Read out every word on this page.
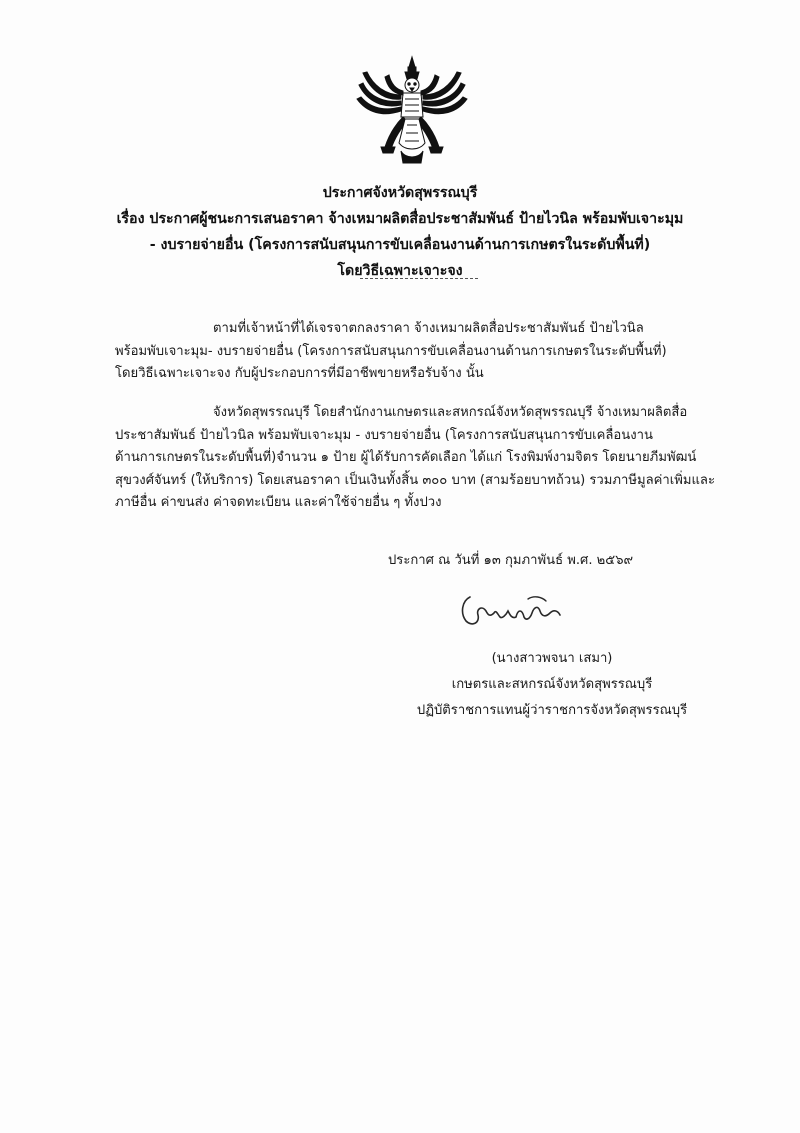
ประกาศจังหวัดสุพรรณบุรี
เรื่อง ประกาศผู้ชนะการเสนอราคา จ้างเหมาผลิตสื่อประชาสัมพันธ์ ป้ายไวนิล พร้อมพับเจาะมุม
- งบรายจ่ายอื่น (โครงการสนับสนุนการขับเคลื่อนงานด้านการเกษตรในระดับพื้นที่)
โดยวิธีเฉพาะเจาะจง
ตามที่เจ้าหน้าที่ได้เจรจาตกลงราคา จ้างเหมาผลิตสื่อประชาสัมพันธ์ ป้ายไวนิล
พร้อมพับเจาะมุม- งบรายจ่ายอื่น (โครงการสนับสนุนการขับเคลื่อนงานด้านการเกษตรในระดับพื้นที่)
โดยวิธีเฉพาะเจาะจง กับผู้ประกอบการที่มีอาชีพขายหรือรับจ้าง นั้น
จังหวัดสุพรรณบุรี โดยสำนักงานเกษตรและสหกรณ์จังหวัดสุพรรณบุรี จ้างเหมาผลิตสื่อ
ประชาสัมพันธ์ ป้ายไวนิล พร้อมพับเจาะมุม - งบรายจ่ายอื่น (โครงการสนับสนุนการขับเคลื่อนงาน
ด้านการเกษตรในระดับพื้นที่)จำนวน ๑ ป้าย ผู้ได้รับการคัดเลือก ได้แก่ โรงพิมพ์งามจิตร โดยนายภีมพัฒน์
สุขวงศ์จันทร์ (ให้บริการ) โดยเสนอราคา เป็นเงินทั้งสิ้น ๓๐๐ บาท (สามร้อยบาทถ้วน) รวมภาษีมูลค่าเพิ่มและ
ภาษีอื่น ค่าขนส่ง ค่าจดทะเบียน และค่าใช้จ่ายอื่น ๆ ทั้งปวง
ประกาศ ณ วันที่ ๑๓ กุมภาพันธ์ พ.ศ. ๒๕๖๙
(นางสาวพจนา เสมา)
เกษตรและสหกรณ์จังหวัดสุพรรณบุรี
ปฏิบัติราชการแทนผู้ว่าราชการจังหวัดสุพรรณบุรี
